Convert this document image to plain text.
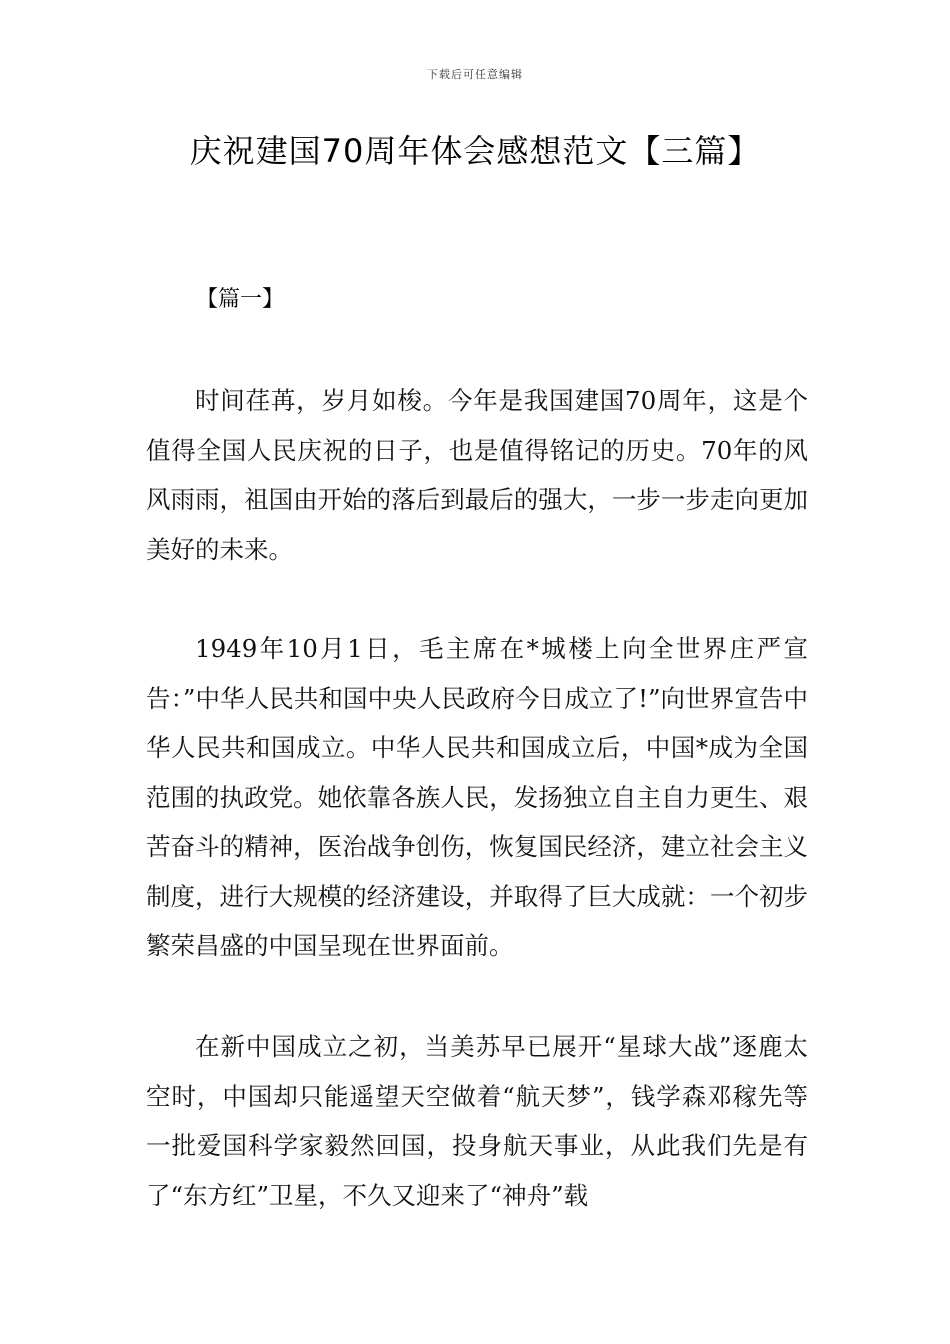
下载后可任意编辑
庆祝建国70周年体会感想范文【三篇】
【篇一】

时间荏苒，岁月如梭。今年是我国建国70周年，这是个值得全国人民庆祝的日子，也是值得铭记的历史。70年的风风雨雨，祖国由开始的落后到最后的强大，一步一步走向更加美好的未来。

1949年10月1日，毛主席在*城楼上向全世界庄严宣告：”中华人民共和国中央人民政府今日成立了!”向世界宣告中华人民共和国成立。中华人民共和国成立后，中国*成为全国范围的执政党。她依靠各族人民，发扬独立自主自力更生、艰苦奋斗的精神，医治战争创伤，恢复国民经济，建立社会主义制度，进行大规模的经济建设，并取得了巨大成就：一个初步繁荣昌盛的中国呈现在世界面前。

在新中国成立之初，当美苏早已展开“星球大战”逐鹿太空时，中国却只能遥望天空做着“航天梦”，钱学森邓稼先等一批爱国科学家毅然回国，投身航天事业，从此我们先是有了“东方红”卫星，不久又迎来了“神舟”载
